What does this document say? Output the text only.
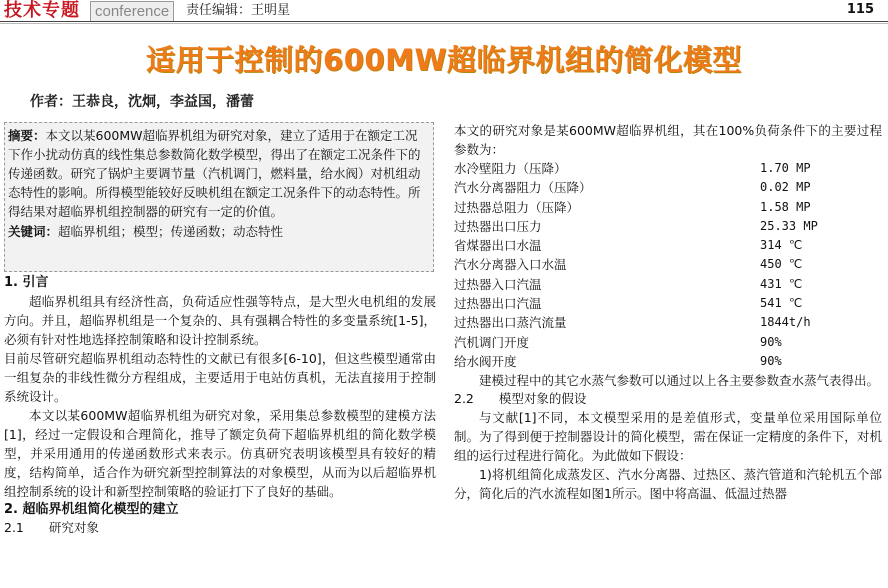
技术专题	conference	责任编辑：王明星	115
适用于控制的600MW超临界机组的简化模型
作者：王恭良，沈炯，李益国，潘蕾

摘要：本文以某600MW超临界机组为研究对象，建立了适用于在额定工况下作小扰动仿真的线性集总参数简化数学模型，得出了在额定工况条件下的传递函数。研究了锅炉主要调节量（汽机调门，燃料量，给水阀）对机组动态特性的影响。所得模型能较好反映机组在额定工况条件下的动态特性。所得结果对超临界机组控制器的研究有一定的价值。

关键词：超临界机组；模型；传递函数；动态特性

1. 引言

超临界机组具有经济性高，负荷适应性强等特点，是大型火电机组的发展方向。并且，超临界机组是一个复杂的、具有强耦合特性的多变量系统[1-5]，必须有针对性地选择控制策略和设计控制系统。

目前尽管研究超临界机组动态特性的文献已有很多[6-10]，但这些模型通常由一组复杂的非线性微分方程组成，主要适用于电站仿真机，无法直接用于控制系统设计。

本文以某600MW超临界机组为研究对象，采用集总参数模型的建模方法[1]，经过一定假设和合理简化，推导了额定负荷下超临界机组的简化数学模型，并采用通用的传递函数形式来表示。仿真研究表明该模型具有较好的精度，结构简单，适合作为研究新型控制算法的对象模型，从而为以后超临界机组控制系统的设计和新型控制策略的验证打下了良好的基础。

2. 超临界机组简化模型的建立

2.1　　研究对象

本文的研究对象是某600MW超临界机组，其在100%负荷条件下的主要过程参数为：

水冷壁阻力（压降）	1.70 MP
汽水分离器阻力（压降）	0.02 MP
过热器总阻力（压降）	1.58 MP
过热器出口压力	25.33 MP
省煤器出口水温	314 ℃
汽水分离器入口水温	450 ℃
过热器入口汽温	431 ℃
过热器出口汽温	541 ℃
过热器出口蒸汽流量	1844t/h
汽机调门开度	90%
给水阀开度	90%

建模过程中的其它水蒸气参数可以通过以上各主要参数查水蒸气表得出。

2.2　　模型对象的假设

与文献[1]不同，本文模型采用的是差值形式，变量单位采用国际单位制。为了得到便于控制器设计的简化模型，需在保证一定精度的条件下，对机组的运行过程进行简化。为此做如下假设：

1)将机组简化成蒸发区、汽水分离器、过热区、蒸汽管道和汽轮机五个部分，简化后的汽水流程如图1所示。图中将高温、低温过热器
